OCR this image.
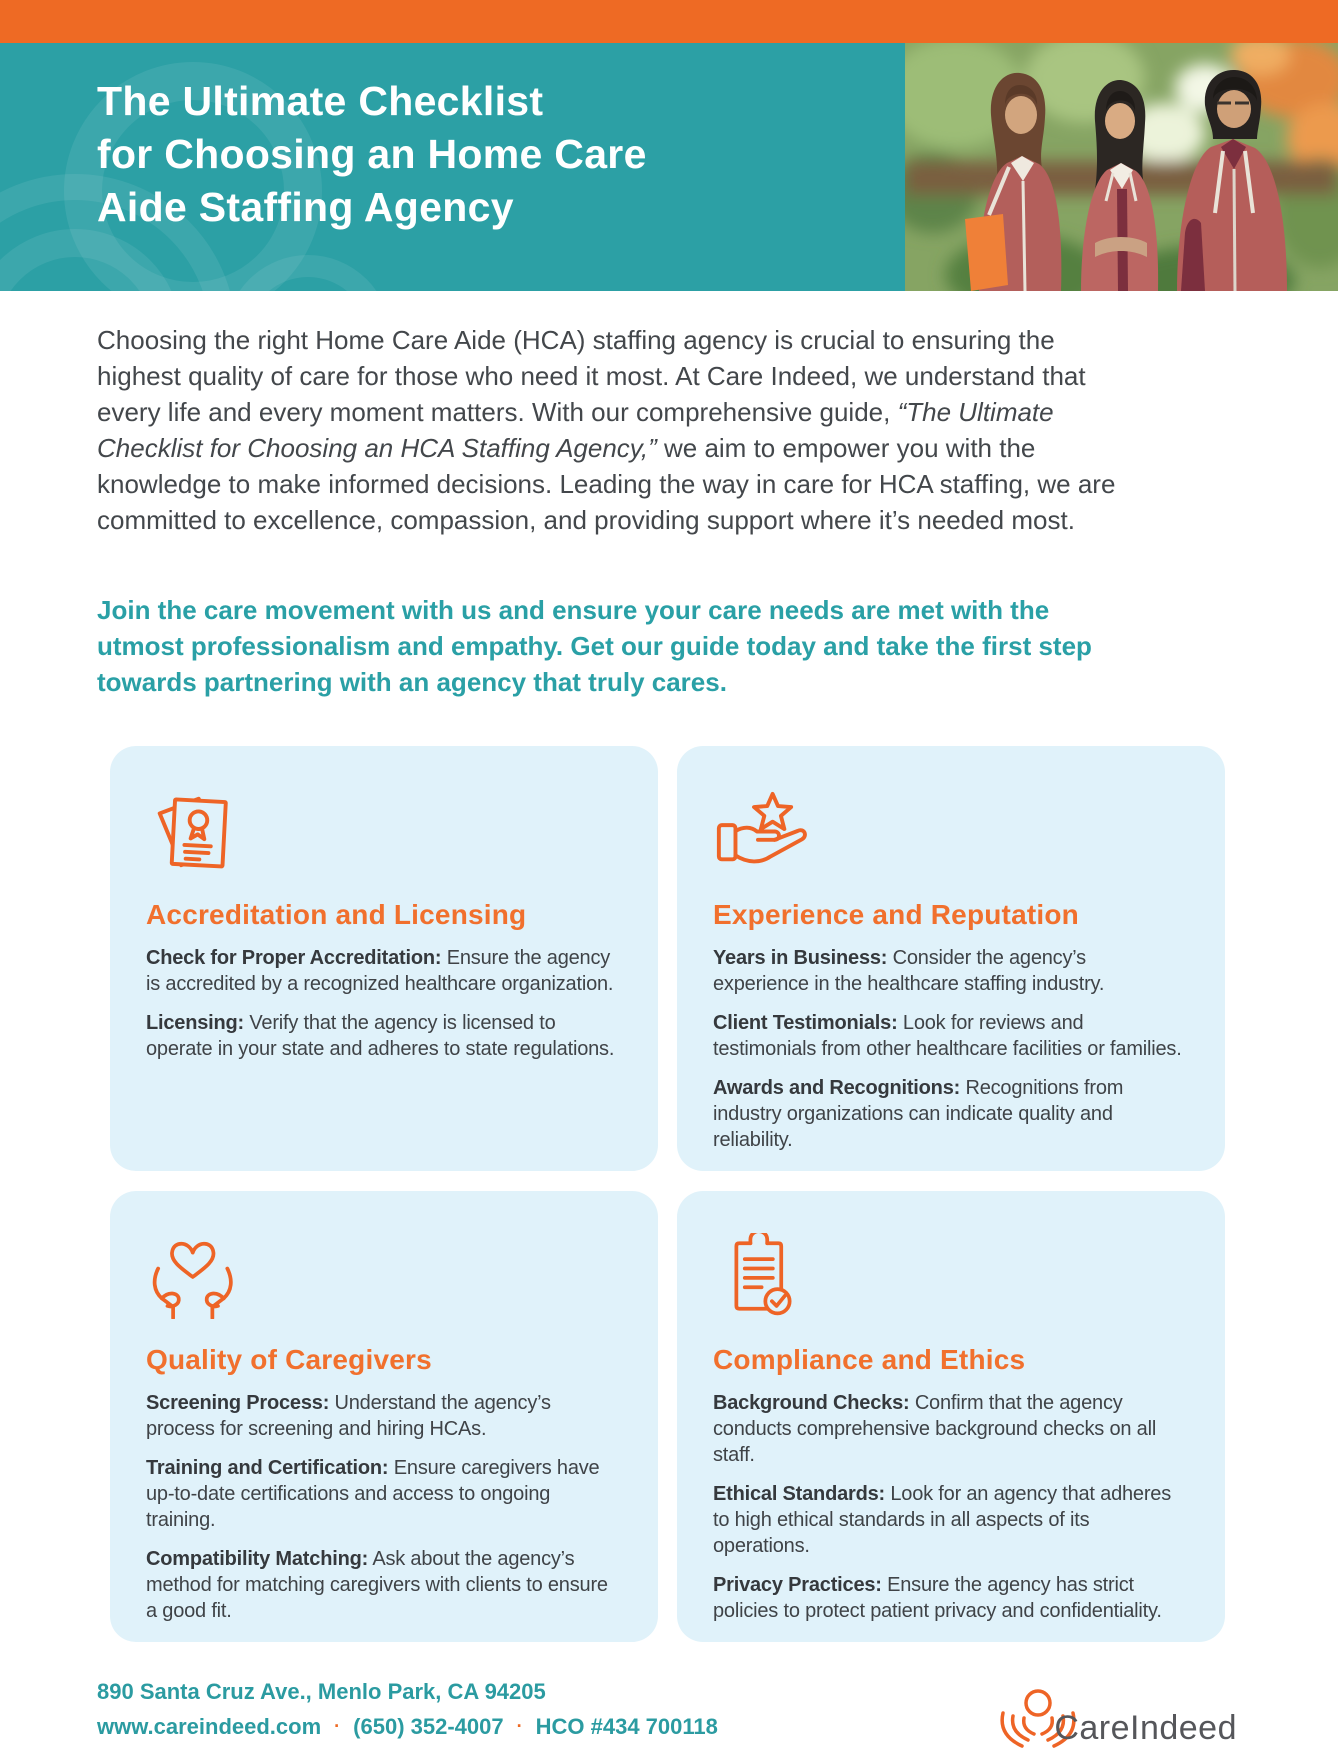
The Ultimate Checklist
for Choosing an Home Care
Aide Staffing Agency

Choosing the right Home Care Aide (HCA) staffing agency is crucial to ensuring the highest quality of care for those who need it most. At Care Indeed, we understand that every life and every moment matters. With our comprehensive guide, “The Ultimate Checklist for Choosing an HCA Staffing Agency,” we aim to empower you with the knowledge to make informed decisions. Leading the way in care for HCA staffing, we are committed to excellence, compassion, and providing support where it’s needed most.

Join the care movement with us and ensure your care needs are met with the utmost professionalism and empathy. Get our guide today and take the first step towards partnering with an agency that truly cares.

Accreditation and Licensing

Check for Proper Accreditation: Ensure the agency is accredited by a recognized healthcare organization.

Licensing: Verify that the agency is licensed to operate in your state and adheres to state regulations.

Experience and Reputation

Years in Business: Consider the agency’s experience in the healthcare staffing industry.

Client Testimonials: Look for reviews and testimonials from other healthcare facilities or families.

Awards and Recognitions: Recognitions from industry organizations can indicate quality and reliability.

Quality of Caregivers

Screening Process: Understand the agency’s process for screening and hiring HCAs.

Training and Certification: Ensure caregivers have up-to-date certifications and access to ongoing training.

Compatibility Matching: Ask about the agency’s method for matching caregivers with clients to ensure a good fit.

Compliance and Ethics

Background Checks: Confirm that the agency conducts comprehensive background checks on all staff.

Ethical Standards: Look for an agency that adheres to high ethical standards in all aspects of its operations.

Privacy Practices: Ensure the agency has strict policies to protect patient privacy and confidentiality.

890 Santa Cruz Ave., Menlo Park, CA 94205
www.careindeed.com · (650) 352-4007 · HCO #434 700118	CareIndeed
